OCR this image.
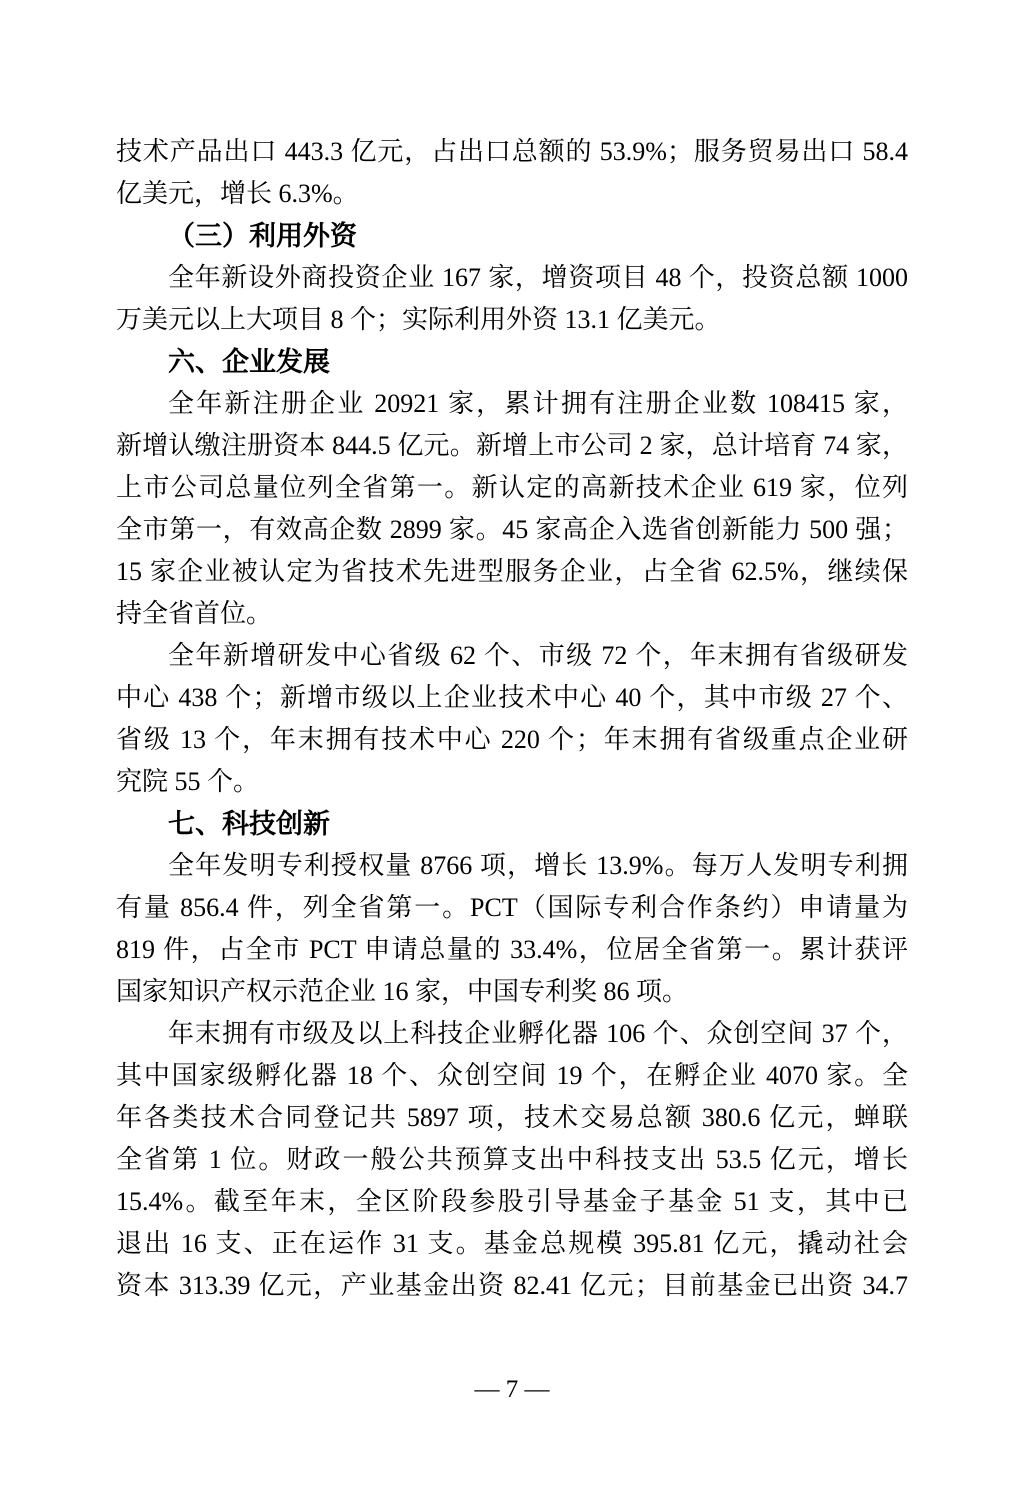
技术产品出口 443.3 亿元，占出口总额的 53.9%；服务贸易出口 58.4
亿美元，增长 6.3%。
（三）利用外资
全年新设外商投资企业 167 家，增资项目 48 个，投资总额 1000
万美元以上大项目 8 个；实际利用外资 13.1 亿美元。
六、企业发展
全年新注册企业 20921 家，累计拥有注册企业数 108415 家，
新增认缴注册资本 844.5 亿元。新增上市公司 2 家，总计培育 74 家，
上市公司总量位列全省第一。新认定的高新技术企业 619 家，位列
全市第一，有效高企数 2899 家。45 家高企入选省创新能力 500 强；
15 家企业被认定为省技术先进型服务企业，占全省 62.5%，继续保
持全省首位。
全年新增研发中心省级 62 个、市级 72 个，年末拥有省级研发
中心 438 个；新增市级以上企业技术中心 40 个，其中市级 27 个、
省级 13 个，年末拥有技术中心 220 个；年末拥有省级重点企业研
究院 55 个。
七、科技创新
全年发明专利授权量 8766 项，增长 13.9%。每万人发明专利拥
有量 856.4 件，列全省第一。PCT（国际专利合作条约）申请量为
819 件，占全市 PCT 申请总量的 33.4%，位居全省第一。累计获评
国家知识产权示范企业 16 家，中国专利奖 86 项。
年末拥有市级及以上科技企业孵化器 106 个、众创空间 37 个，
其中国家级孵化器 18 个、众创空间 19 个，在孵企业 4070 家。全
年各类技术合同登记共 5897 项，技术交易总额 380.6 亿元，蝉联
全省第 1 位。财政一般公共预算支出中科技支出 53.5 亿元，增长
15.4%。截至年末，全区阶段参股引导基金子基金 51 支，其中已
退出 16 支、正在运作 31 支。基金总规模 395.81 亿元，撬动社会
资本 313.39 亿元，产业基金出资 82.41 亿元；目前基金已出资 34.7
— 7 —
